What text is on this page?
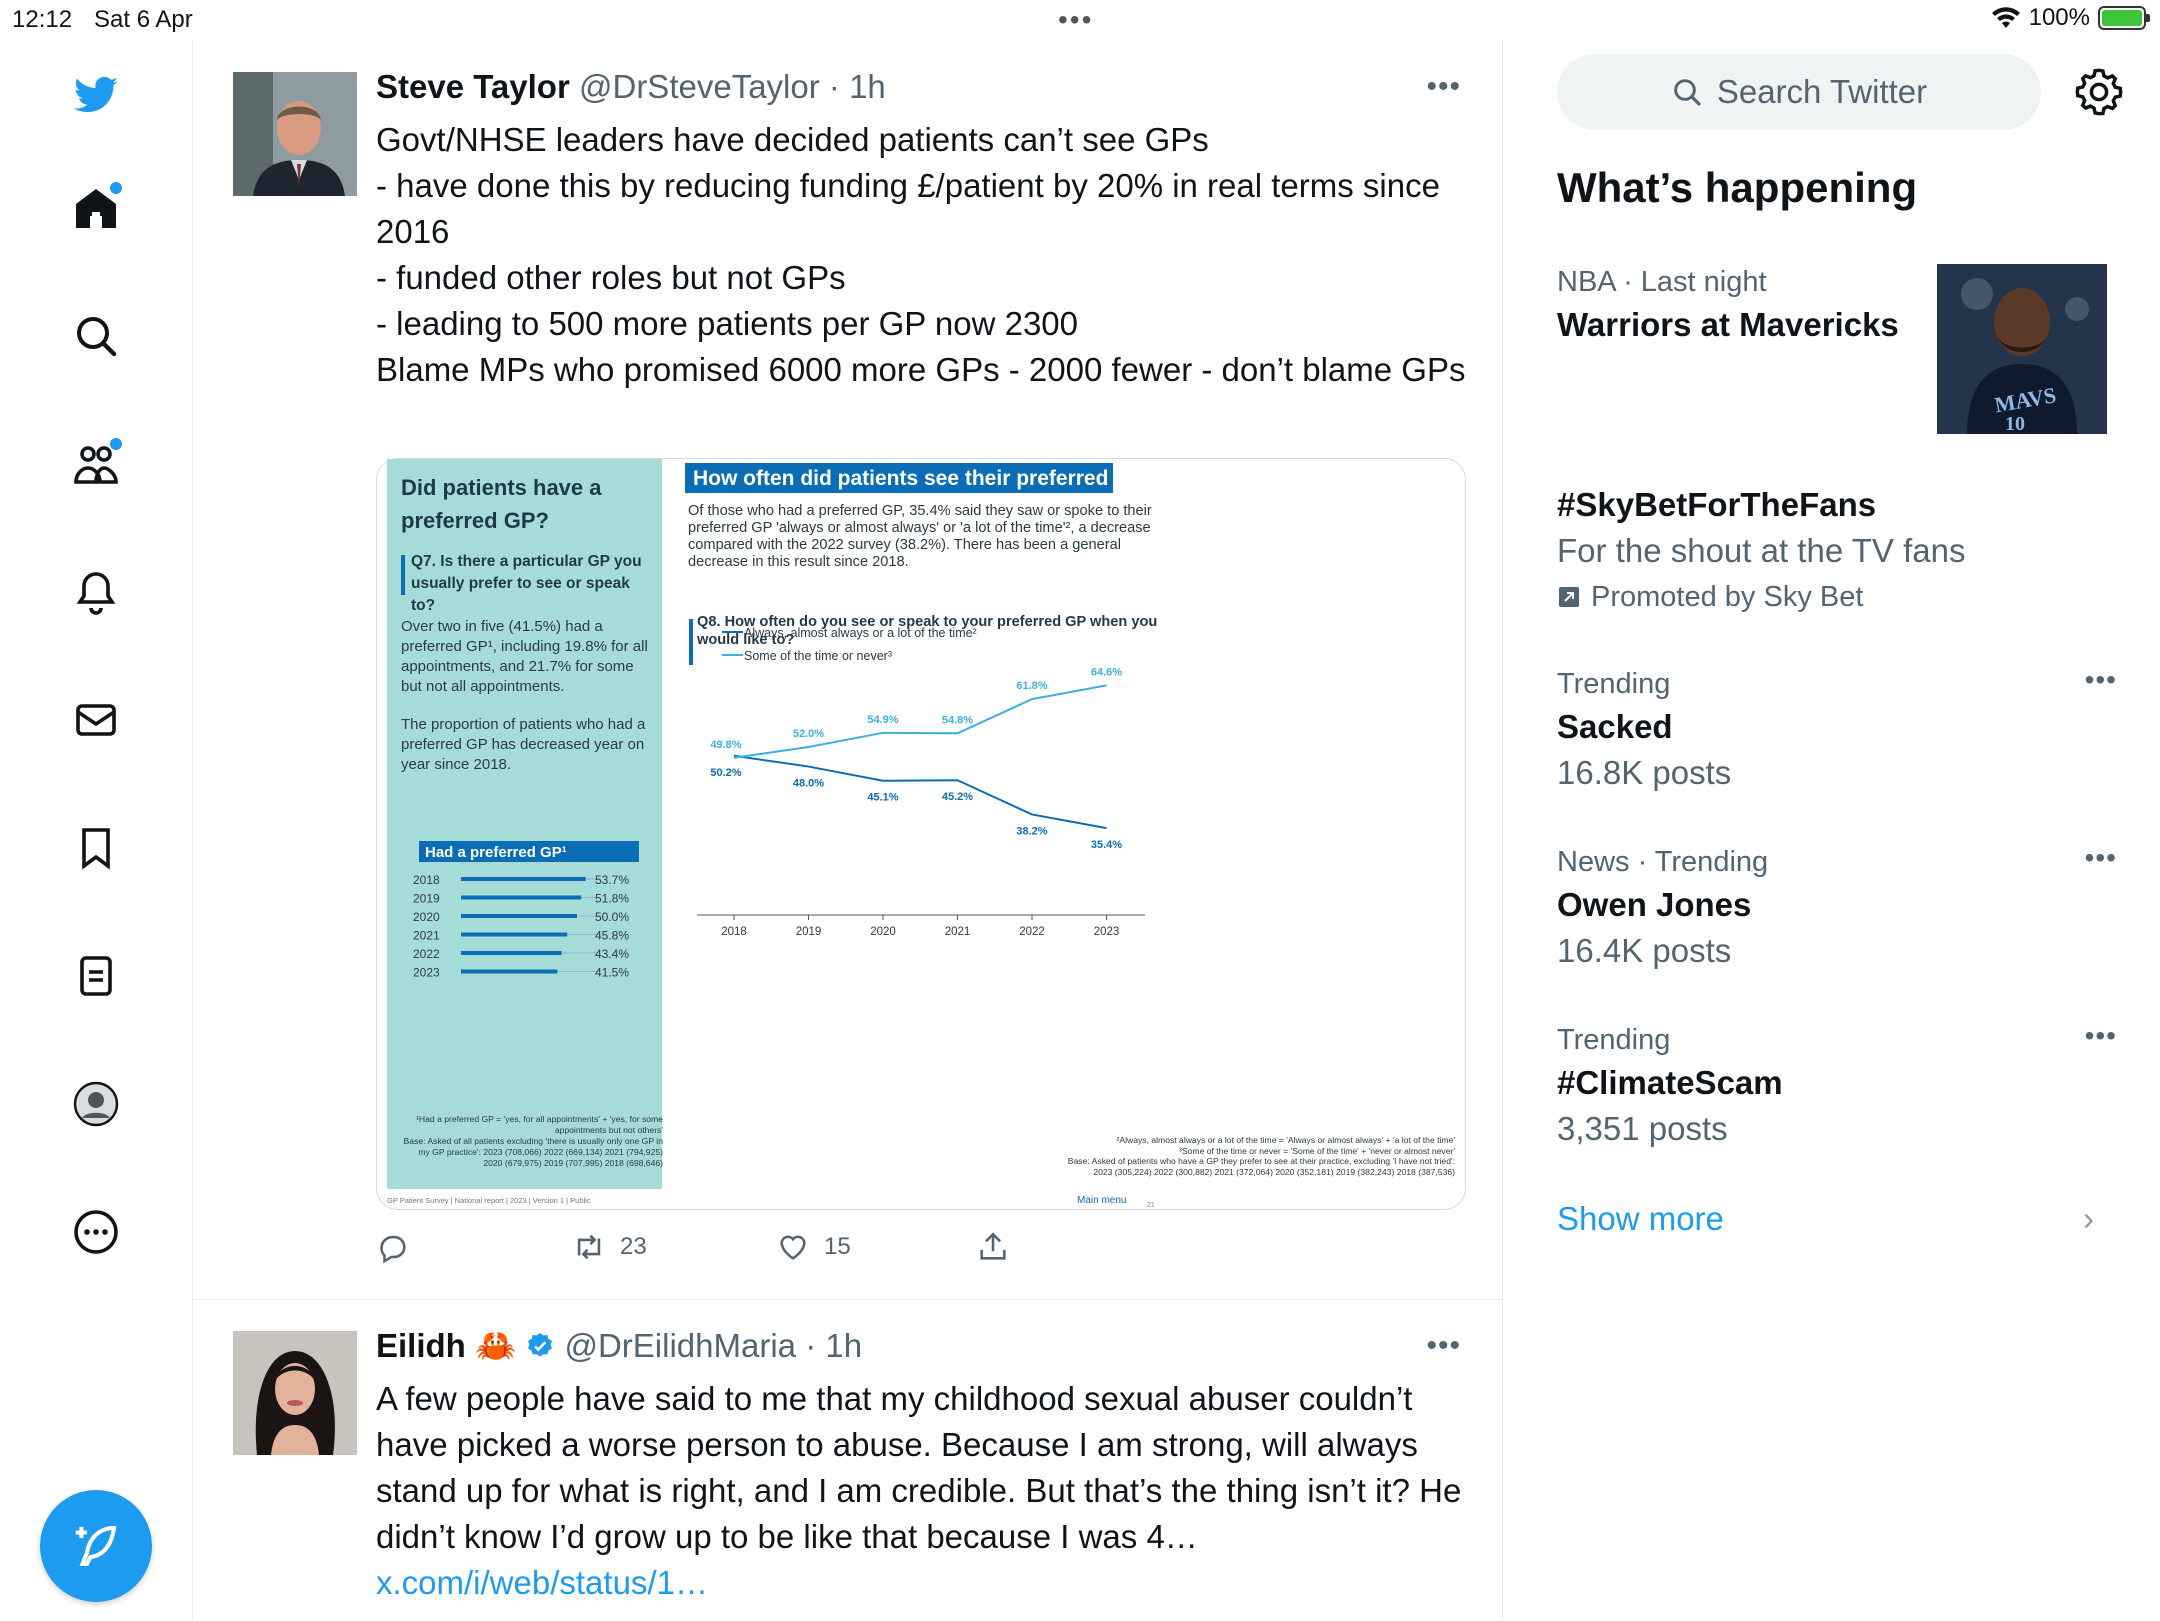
12:12 Sat 6 Apr	•••	100%
Steve Taylor @DrSteveTaylor · 1h	•••
Govt/NHSE leaders have decided patients can’t see GPs
- have done this by reducing funding £/patient by 20% in real terms since 2016
- funded other roles but not GPs
- leading to 500 more patients per GP now 2300
Blame MPs who promised 6000 more GPs - 2000 fewer - don’t blame GPs
Did patients have a preferred GP?
Q7. Is there a particular GP you usually prefer to see or speak to?
Over two in five (41.5%) had a preferred GP¹, including 19.8% for all appointments, and 21.7% for some but not all appointments.
The proportion of patients who had a preferred GP has decreased year on year since 2018.
Had a preferred GP¹
2018	53.7%
2019	51.8%
2020	50.0%
2021	45.8%
2022	43.4%
2023	41.5%
¹Had a preferred GP = 'yes, for all appointments' + 'yes, for some appointments but not others'
Base: Asked of all patients excluding 'there is usually only one GP in my GP practice': 2023 (708,066) 2022 (669,134) 2021 (794,925) 2020 (679,975) 2019 (707,995) 2018 (698,646)
GP Patient Survey | National report | 2023 | Version 1 | Public
How often did patients see their preferred GP?
Of those who had a preferred GP, 35.4% said they saw or spoke to their preferred GP 'always or almost always' or 'a lot of the time'², a decrease compared with the 2022 survey (38.2%). There has been a general decrease in this result since 2018.
Q8. How often do you see or speak to your preferred GP when you would like to?
Always, almost always or a lot of the time²
Some of the time or never³
2018	2019	2020	2021	2022	2023
50.2%
48.0%
45.1%	45.2%
38.2%
35.4%
49.8%
52.0%
54.9%	54.8%
61.8%
64.6%
²Always, almost always or a lot of the time = 'Always or almost always' + 'a lot of the time'
³Some of the time or never = 'Some of the time' + 'never or almost never'
Base: Asked of patients who have a GP they prefer to see at their practice, excluding 'I have not tried':
2023 (305,224) 2022 (300,882) 2021 (372,064) 2020 (352,181) 2019 (382,243) 2018 (387,536)
Main menu	21
23	15
Eilidh 🦀 @DrEilidhMaria · 1h	•••
A few people have said to me that my childhood sexual abuser couldn’t have picked a worse person to abuse. Because I am strong, will always stand up for what is right, and I am credible. But that’s the thing isn’t it? He didn’t know I’d grow up to be like that because I was 4… x.com/i/web/status/1…
Search Twitter
What’s happening
NBA · Last night
Warriors at Mavericks
MAVS
10
#SkyBetForTheFans
For the shout at the TV fans
Promoted by Sky Bet
Trending
Sacked
16.8K posts
•••
News · Trending
Owen Jones
16.4K posts
•••
Trending
#ClimateScam
3,351 posts
•••
Show more	›
